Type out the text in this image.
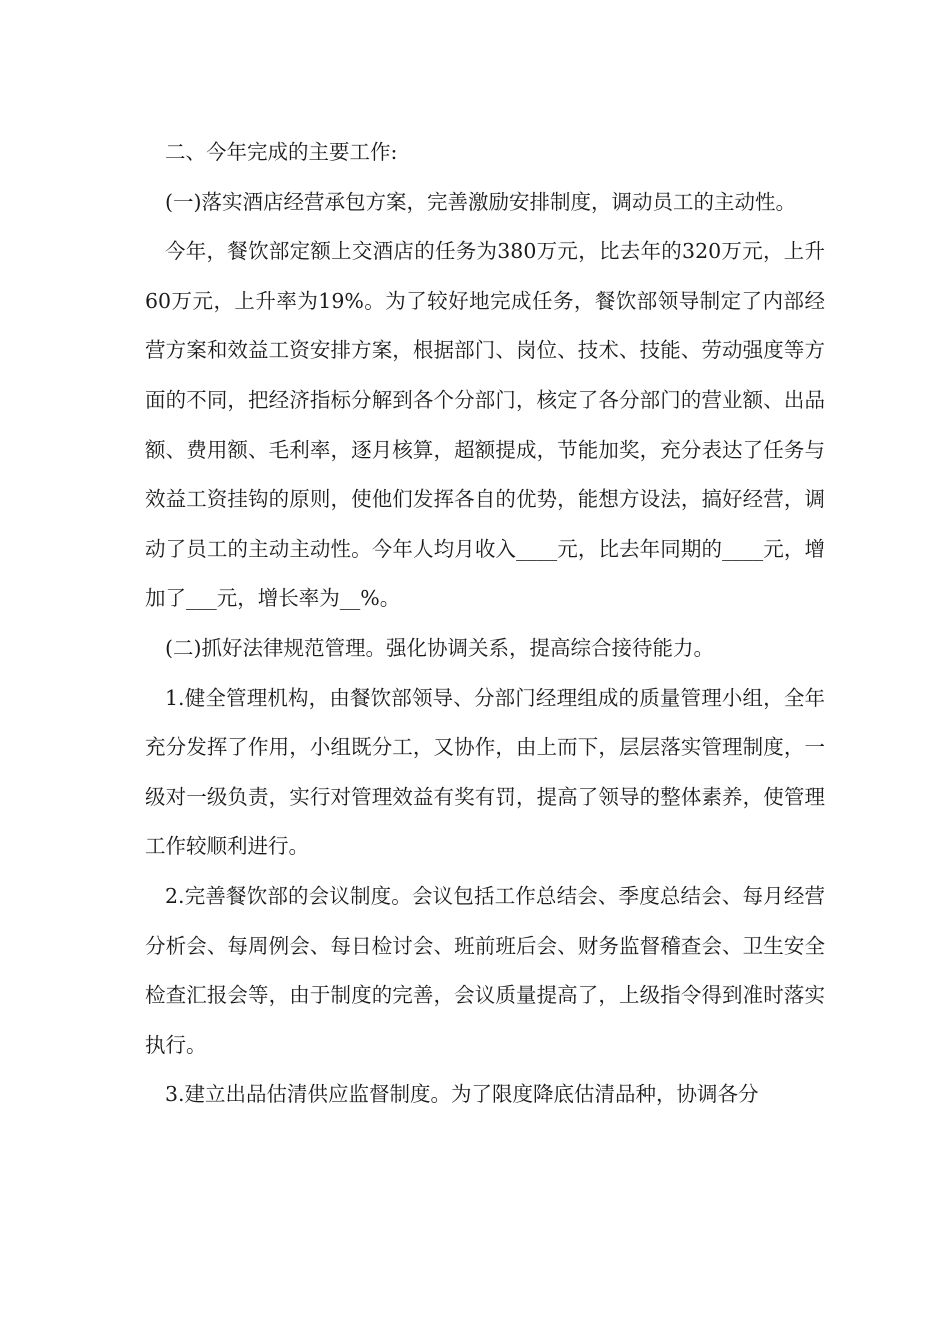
二、今年完成的主要工作:

(一)落实酒店经营承包方案，完善激励安排制度，调动员工的主动性。

今年，餐饮部定额上交酒店的任务为380万元，比去年的320万元，上升60万元，上升率为19%。为了较好地完成任务，餐饮部领导制定了内部经营方案和效益工资安排方案，根据部门、岗位、技术、技能、劳动强度等方面的不同，把经济指标分解到各个分部门，核定了各分部门的营业额、出品额、费用额、毛利率，逐月核算，超额提成，节能加奖，充分表达了任务与效益工资挂钩的原则，使他们发挥各自的优势，能想方设法，搞好经营，调动了员工的主动主动性。今年人均月收入____元，比去年同期的____元，增加了___元，增长率为__%。

(二)抓好法律规范管理。强化协调关系，提高综合接待能力。

1.健全管理机构，由餐饮部领导、分部门经理组成的质量管理小组，全年充分发挥了作用，小组既分工，又协作，由上而下，层层落实管理制度，一级对一级负责，实行对管理效益有奖有罚，提高了领导的整体素养，使管理工作较顺利进行。

2.完善餐饮部的会议制度。会议包括工作总结会、季度总结会、每月经营分析会、每周例会、每日检讨会、班前班后会、财务监督稽查会、卫生安全检查汇报会等，由于制度的完善，会议质量提高了，上级指令得到准时落实执行。

3.建立出品估清供应监督制度。为了限度降底估清品种，协调各分
